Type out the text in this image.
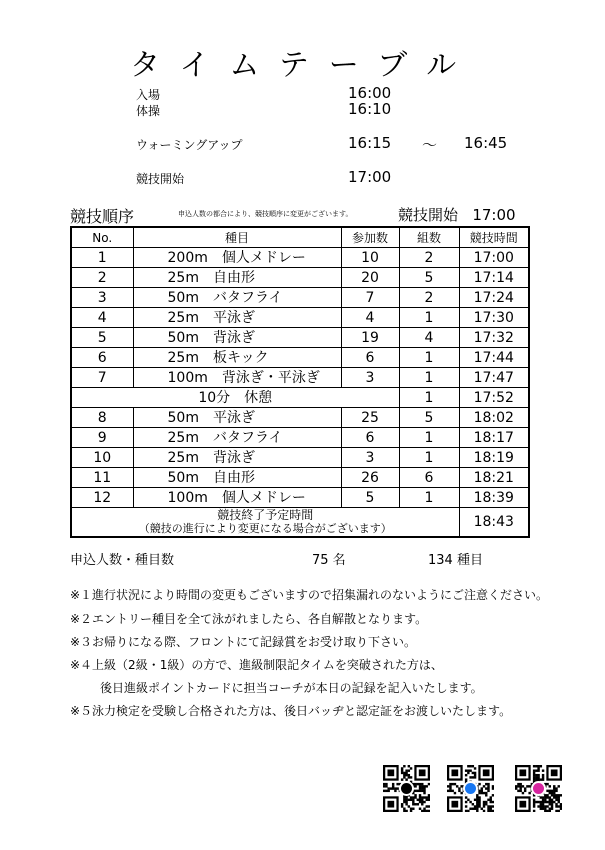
タイムテーブル
入場	16:00
体操	16:10
ウォーミングアップ	16:15 〜 16:45
競技開始	17:00
競技順序	申込人数の都合により、競技順序に変更がございます。	競技開始 17:00
No.	種目	参加数	組数	競技時間
1	200m 個人メドレー	10	2	17:00
2	25m 自由形	20	5	17:14
3	50m バタフライ	7	2	17:24
4	25m 平泳ぎ	4	1	17:30
5	50m 背泳ぎ	19	4	17:32
6	25m 板キック	6	1	17:44
7	100m 背泳ぎ・平泳ぎ	3	1	17:47
10分　休憩			1	17:52
8	50m 平泳ぎ	25	5	18:02
9	25m バタフライ	6	1	18:17
10	25m 背泳ぎ	3	1	18:19
11	50m 自由形	26	6	18:21
12	100m 個人メドレー	5	1	18:39

競技終了予定時間
（競技の進行により変更になる場合がございます）				18:43
申込人数・種目数	75 名	134 種目
※１進行状況により時間の変更もございますので招集漏れのないようにご注意ください。
※２エントリー種目を全て泳がれましたら、各自解散となります。
※３お帰りになる際、フロントにて記録賞をお受け取り下さい。
※４上級（2級・1級）の方で、進級制限記タイムを突破された方は、
後日進級ポイントカードに担当コーチが本日の記録を記入いたします。
※５泳力検定を受験し合格された方は、後日バッヂと認定証をお渡しいたします。
